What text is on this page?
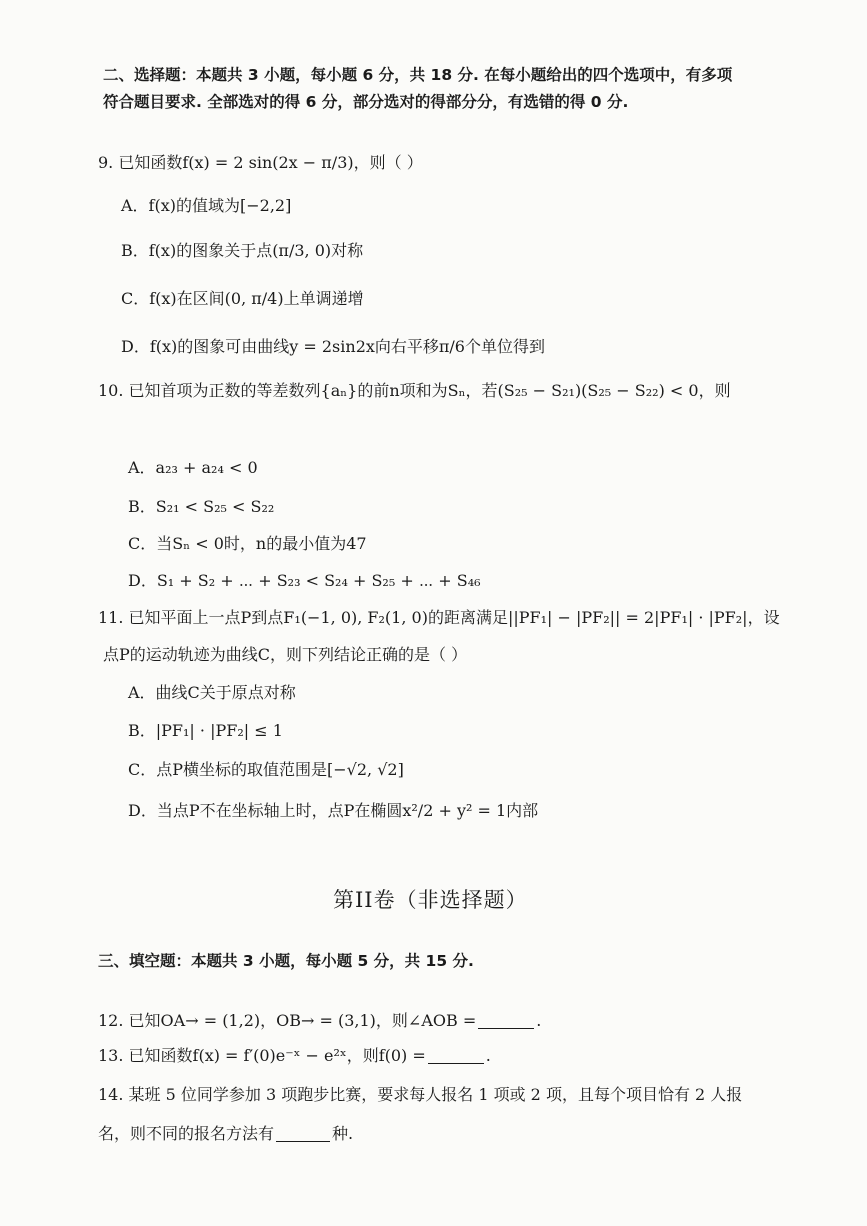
二、选择题：本题共 3 小题，每小题 6 分，共 18 分. 在每小题给出的四个选项中，有多项
符合题目要求. 全部选对的得 6 分，部分选对的得部分分，有选错的得 0 分.
9. 已知函数f(x) = 2 sin(2x − π/3)，则（ ）
A．f(x)的值域为[−2,2]
B．f(x)的图象关于点(π/3, 0)对称
C．f(x)在区间(0, π/4)上单调递增
D．f(x)的图象可由曲线y = 2sin2x向右平移π/6个单位得到
10. 已知首项为正数的等差数列{aₙ}的前n项和为Sₙ，若(S₂₅ − S₂₁)(S₂₅ − S₂₂) < 0，则
A．a₂₃ + a₂₄ < 0
B．S₂₁ < S₂₅ < S₂₂
C．当Sₙ < 0时，n的最小值为47
D．S₁ + S₂ + ⋯ + S₂₃ < S₂₄ + S₂₅ + ⋯ + S₄₆
11. 已知平面上一点P到点F₁(−1, 0), F₂(1, 0)的距离满足||PF₁| − |PF₂|| = 2|PF₁| · |PF₂|，设
点P的运动轨迹为曲线C，则下列结论正确的是（ ）
A．曲线C关于原点对称
B．|PF₁| · |PF₂| ≤ 1
C．点P横坐标的取值范围是[−√2, √2]
D．当点P不在坐标轴上时，点P在椭圆x²/2 + y² = 1内部
第II卷（非选择题）
三、填空题：本题共 3 小题，每小题 5 分，共 15 分.
12. 已知OA→ = (1,2)，OB→ = (3,1)，则∠AOB =	.
13. 已知函数f(x) = f′(0)e⁻ˣ − e²ˣ，则f(0) =	.
14. 某班 5 位同学参加 3 项跑步比赛，要求每人报名 1 项或 2 项，且每个项目恰有 2 人报
名，则不同的报名方法有	种.
